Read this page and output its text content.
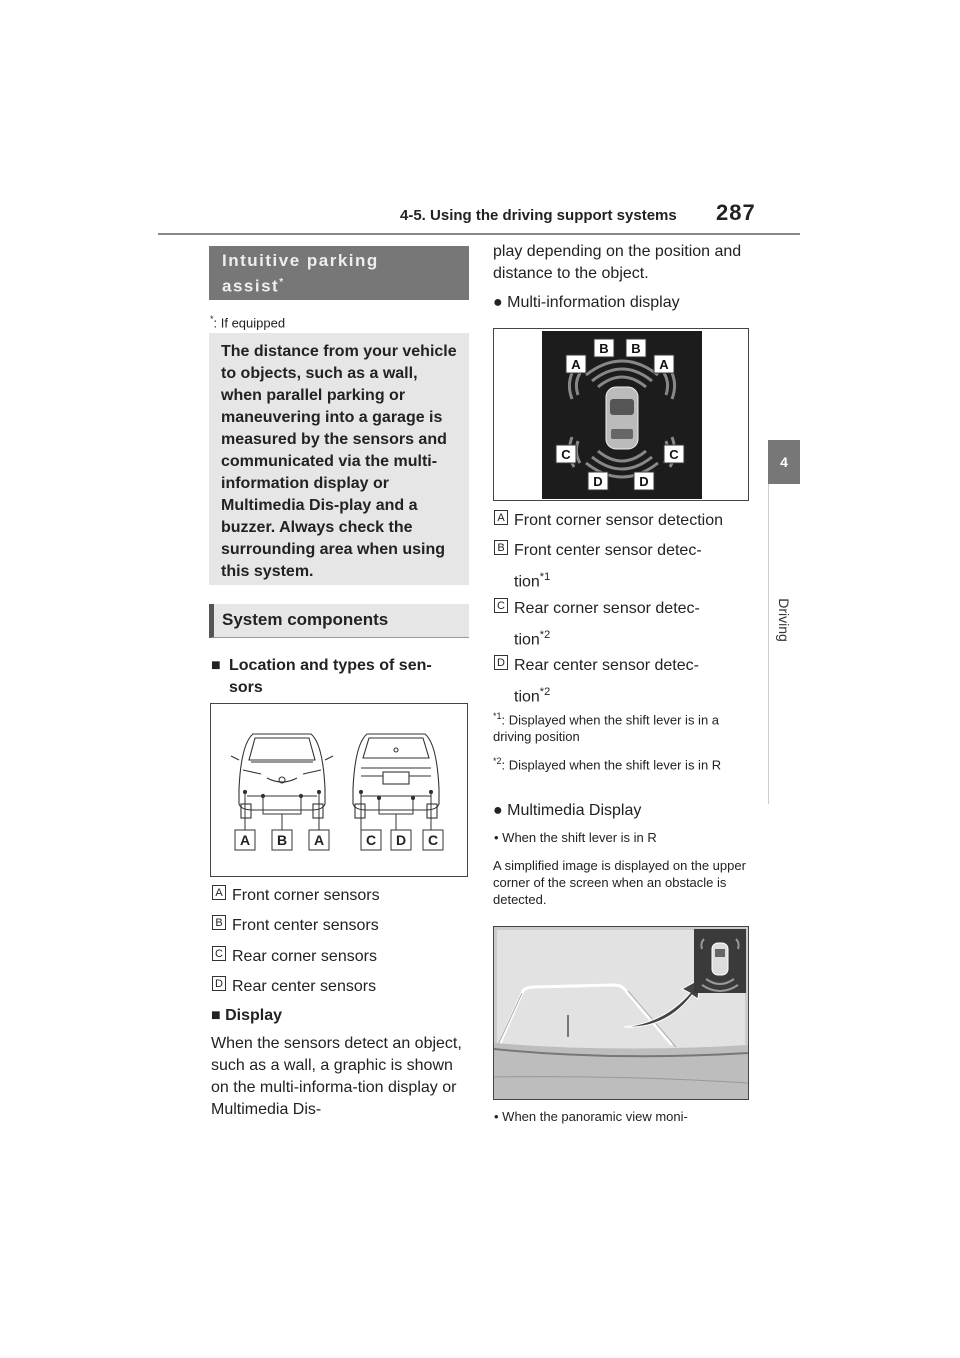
4-5. Using the driving support systems 287
4
Driving
Intuitive parking assist*
*: If equipped
The distance from your vehicle to objects, such as a wall, when parallel parking or maneuvering into a garage is measured by the sensors and communicated via the multi-information display or Multimedia Dis-play and a buzzer. Always check the surrounding area when using this system.
System components
■ Location and types of sen-sors
A B A	C D C
A Front corner sensors
B Front center sensors
C Rear corner sensors
D Rear center sensors
■ Display
When the sensors detect an object, such as a wall, a graphic is shown on the multi-informa-tion display or Multimedia Dis-
play depending on the position and distance to the object.
● Multi-information display
A
B B
A
C	C
D	D
A Front corner sensor detection
B Front center sensor detec-tion$^{*1}$
C Rear corner sensor detec-tion$^{*2}$
D Rear center sensor detec-tion$^{*2}$
$^{*1}$: Displayed when the shift lever is in a driving position
$^{*2}$: Displayed when the shift lever is in R
● Multimedia Display
• When the shift lever is in R
A simplified image is displayed on the upper corner of the screen when an obstacle is detected.
• When the panoramic view moni-
